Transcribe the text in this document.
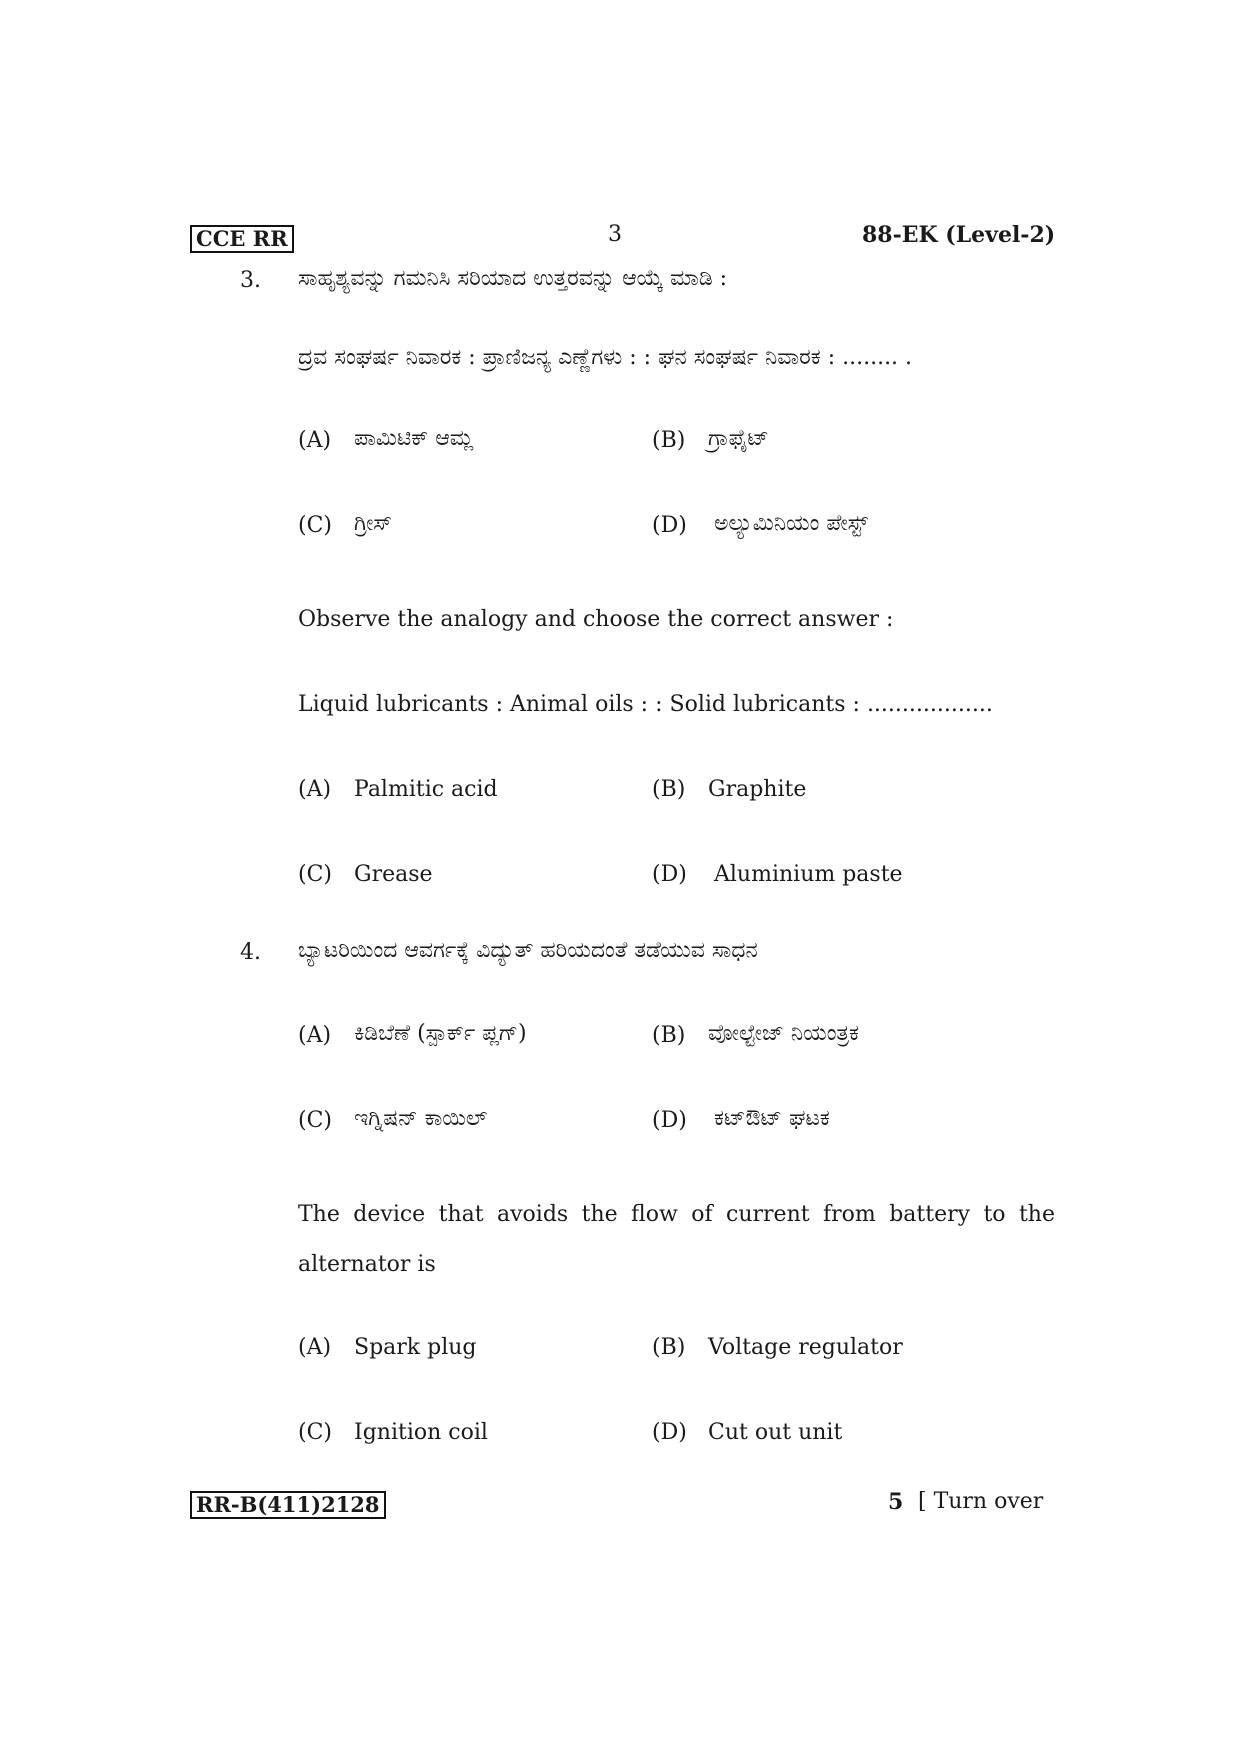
CCE RR	3	88-EK (Level-2)
3. ಸಾಹೃಶ್ಯವನ್ನು ಗಮನಿಸಿ ಸರಿಯಾದ ಉತ್ತರವನ್ನು ಆಯ್ಕೆ ಮಾಡಿ :
ದ್ರವ ಸಂಘರ್ಷ ನಿವಾರಕ : ಪ್ರಾಣಿಜನ್ಯ ಎಣ್ಣೆಗಳು : : ಘನ ಸಂಘರ್ಷ ನಿವಾರಕ : ........ .
(A) ಪಾಮಿಟಿಕ್ ಆಮ್ಲ	(B) ಗ್ರಾಫೈಟ್
(C) ಗ್ರೀಸ್	(D) ಅಲ್ಯುಮಿನಿಯಂ ಪೇಸ್ಟ್
Observe the analogy and choose the correct answer :
Liquid lubricants : Animal oils : : Solid lubricants : ..................
(A) Palmitic acid	(B) Graphite
(C) Grease	(D) Aluminium paste
4. ಬ್ಯಾಟರಿಯಿಂದ ಆವರ್ಗಕ್ಕೆ ವಿದ್ಯುತ್ ಹರಿಯದಂತೆ ತಡೆಯುವ ಸಾಧನ
(A) ಕಿಡಿಬೆಣೆ (ಸ್ಪಾರ್ಕ್ ಪ್ಲಗ್)	(B) ವೋಲ್ಟೇಜ್ ನಿಯಂತ್ರಕ
(C) ಇಗ್ನಿಷನ್ ಕಾಯಿಲ್	(D) ಕಟ್‌ಔಟ್ ಘಟಕ
The device that avoids the flow of current from battery to the alternator is
(A) Spark plug	(B) Voltage regulator
(C) Ignition coil	(D) Cut out unit
RR-B(411)2128	5 [ Turn over
